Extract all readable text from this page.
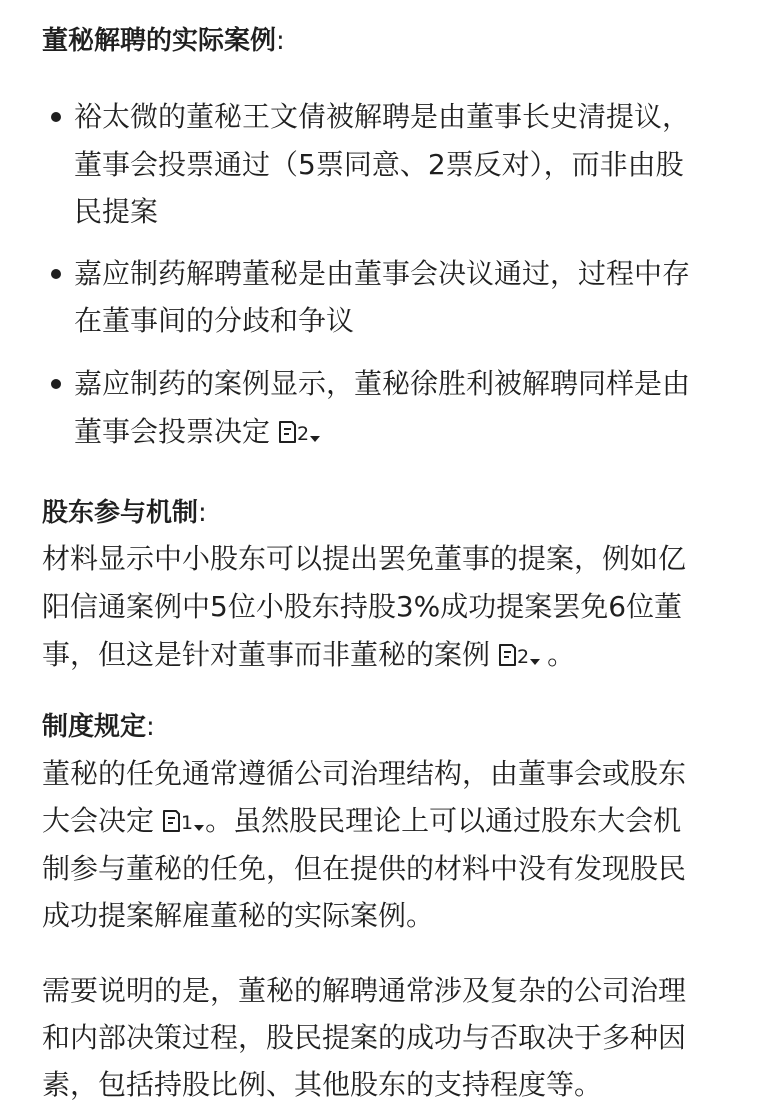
董秘解聘的实际案例:
裕太微的董秘王文倩被解聘是由董事长史清提议，
董事会投票通过（5票同意、2票反对），而非由股
民提案
嘉应制药解聘董秘是由董事会决议通过，过程中存
在董事间的分歧和争议
嘉应制药的案例显示，董秘徐胜利被解聘同样是由
董事会投票决定 2
股东参与机制:
材料显示中小股东可以提出罢免董事的提案，例如亿
阳信通案例中5位小股东持股3%成功提案罢免6位董
事，但这是针对董事而非董秘的案例 2 。
制度规定:
董秘的任免通常遵循公司治理结构，由董事会或股东
大会决定 1 。虽然股民理论上可以通过股东大会机
制参与董秘的任免，但在提供的材料中没有发现股民
成功提案解雇董秘的实际案例。
需要说明的是，董秘的解聘通常涉及复杂的公司治理
和内部决策过程，股民提案的成功与否取决于多种因
素，包括持股比例、其他股东的支持程度等。
